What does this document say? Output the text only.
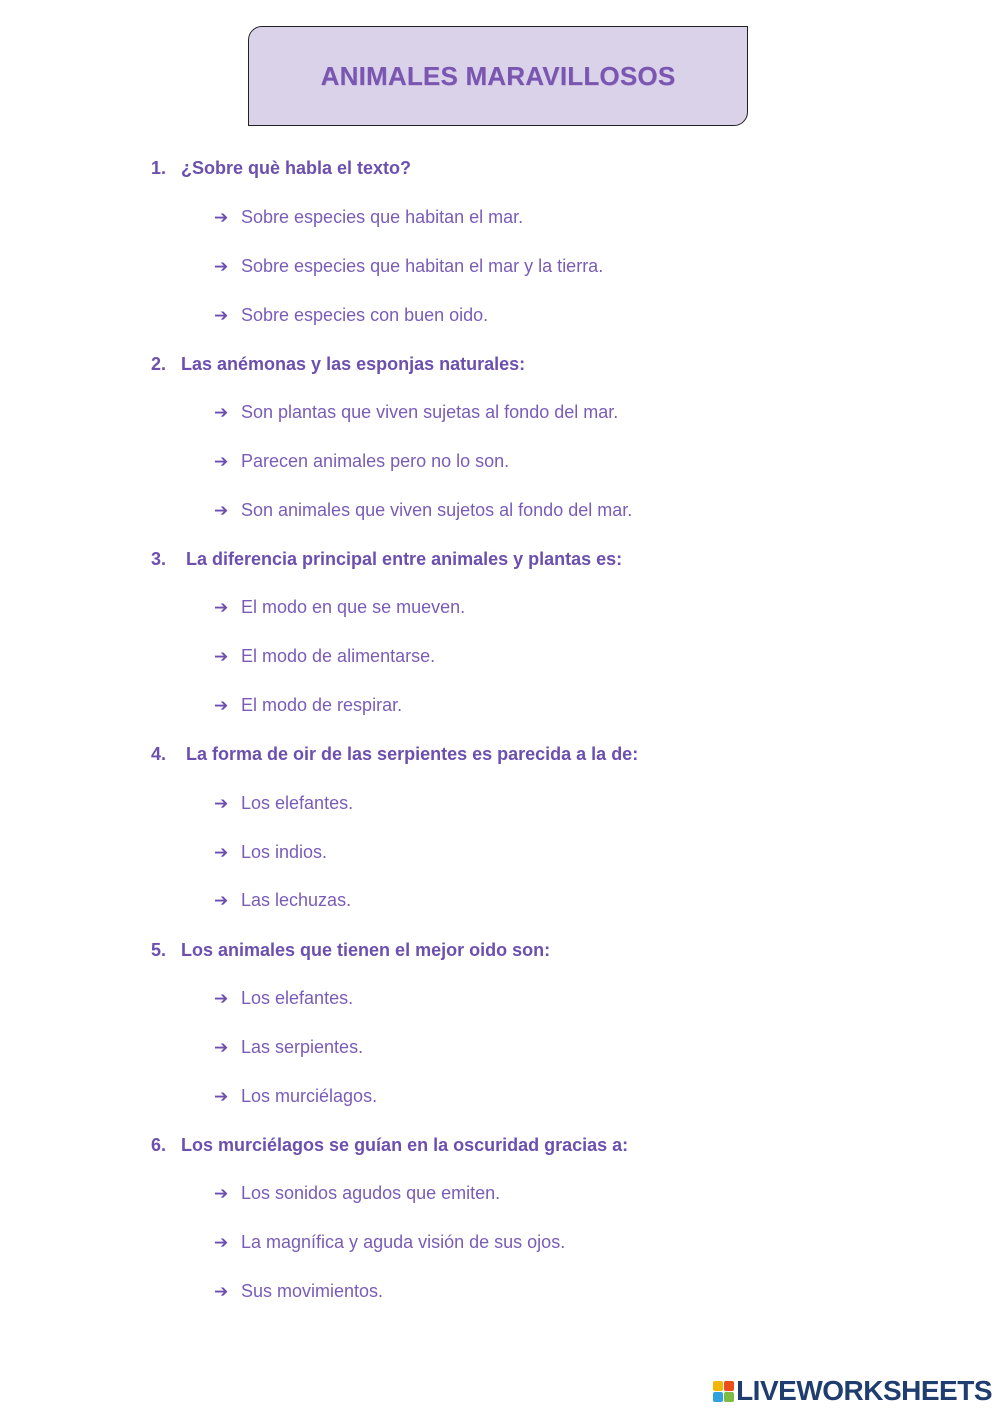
ANIMALES MARAVILLOSOS
1. ¿Sobre què habla el texto?
➔ Sobre especies que habitan el mar.
➔ Sobre especies que habitan el mar y la tierra.
➔ Sobre especies con buen oido.
2. Las anémonas y las esponjas naturales:
➔ Son plantas que viven sujetas al fondo del mar.
➔ Parecen animales pero no lo son.
➔ Son animales que viven sujetos al fondo del mar.
3. La diferencia principal entre animales y plantas es:
➔ El modo en que se mueven.
➔ El modo de alimentarse.
➔ El modo de respirar.
4. La forma de oir de las serpientes es parecida a la de:
➔ Los elefantes.
➔ Los indios.
➔ Las lechuzas.
5. Los animales que tienen el mejor oido son:
➔ Los elefantes.
➔ Las serpientes.
➔ Los murciélagos.
6. Los murciélagos se guían en la oscuridad gracias a:
➔ Los sonidos agudos que emiten.
➔ La magnífica y aguda visión de sus ojos.
➔ Sus movimientos.
LIVEWORKSHEETS
